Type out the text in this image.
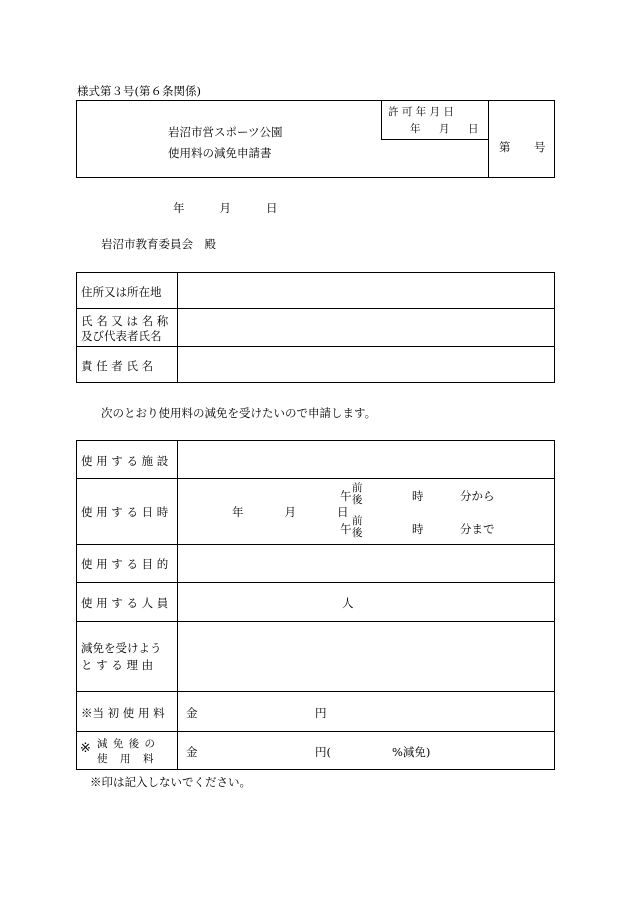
様式第３号(第６条関係)
岩沼市営スポーツ公園
使用料の減免申請書
許 可 年 月 日
年　月　日
第 号
年　　月　　日
岩沼市教育委員会　殿
住所又は所在地
氏 名 又 は 名 称
及び代表者氏名
責 任 者 氏 名
次のとおり使用料の減免を受けたいので申請します。
使 用 す る 施 設
使 用 す る 日 時	年　　月　　日
午
前
後	時	分から
午
前
後	時	分まで
使 用 す る 目 的
使 用 す る 人 員	人
減免を受けよう
と す る 理 由
※当 初 使 用 料 金	円
※ 減 免 後 の
使　用　料	金	円(	%減免)
※印は記入しないでください。
